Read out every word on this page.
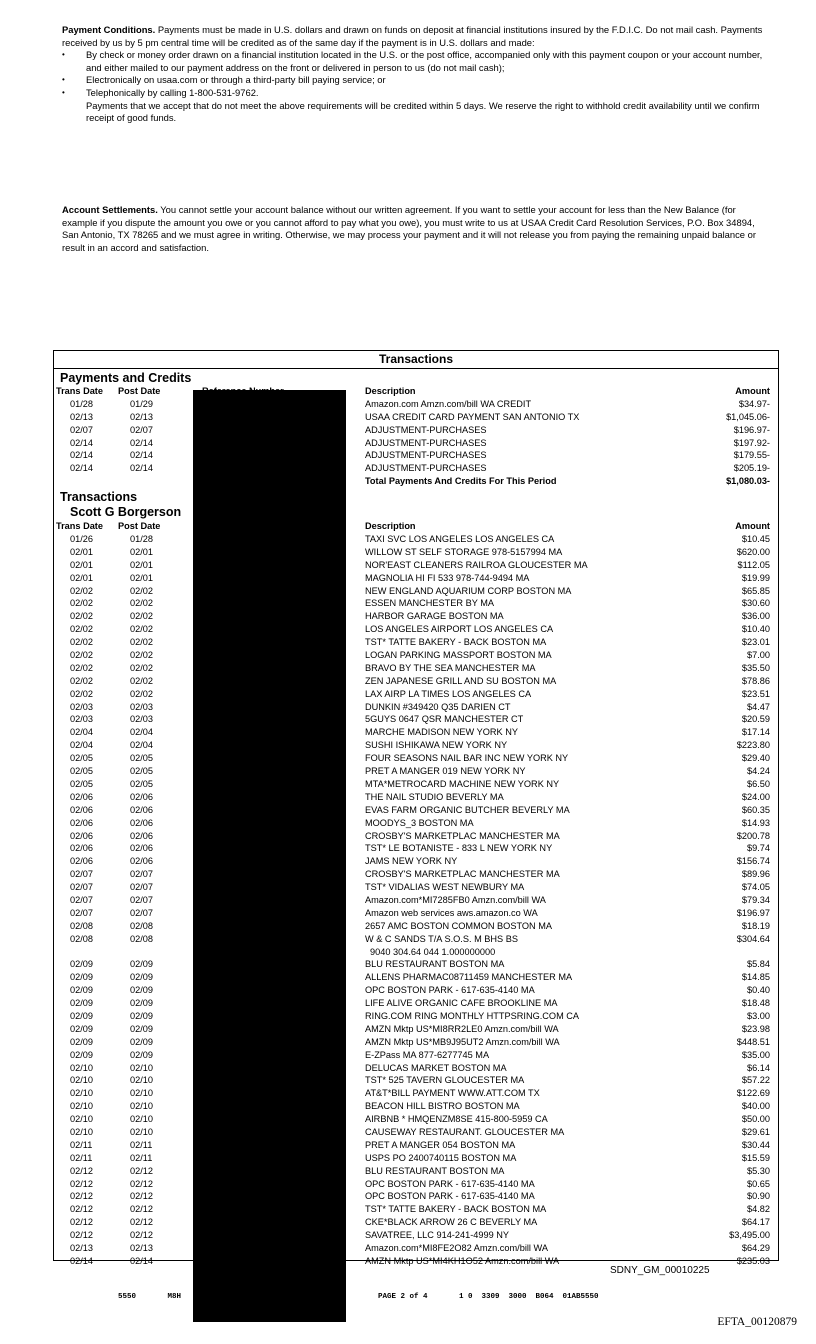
Payment Conditions. Payments must be made in U.S. dollars and drawn on funds on deposit at financial institutions insured by the F.D.I.C. Do not mail cash. Payments received by us by 5 pm central time will be credited as of the same day if the payment is in U.S. dollars and made:
• By check or money order drawn on a financial institution located in the U.S. or the post office, accompanied only with this payment coupon or your account number, and either mailed to our payment address on the front or delivered in person to us (do not mail cash);
• Electronically on usaa.com or through a third-party bill paying service; or
• Telephonically by calling 1-800-531-9762.
Payments that we accept that do not meet the above requirements will be credited within 5 days. We reserve the right to withhold credit availability until we confirm receipt of good funds.
Account Settlements. You cannot settle your account balance without our written agreement. If you want to settle your account for less than the New Balance (for example if you dispute the amount you owe or you cannot afford to pay what you owe), you must write to us at USAA Credit Card Resolution Services, P.O. Box 34894, San Antonio, TX 78265 and we must agree in writing. Otherwise, we may process your payment and it will not release you from paying the remaining unpaid balance or result in an accord and satisfaction.
Transactions
Payments and Credits
Trans Date Post Date	Description	Amount
01/28	01/29	Amazon.com Amzn.com/bill WA CREDIT	$34.97-
02/13	02/13	USAA CREDIT CARD PAYMENT SAN ANTONIO TX	$1,045.06-
02/07	02/07	ADJUSTMENT-PURCHASES	$196.97-
02/14	02/14	ADJUSTMENT-PURCHASES	$197.92-
02/14	02/14	ADJUSTMENT-PURCHASES	$179.55-
02/14	02/14	ADJUSTMENT-PURCHASES	$205.19-
Total Payments And Credits For This Period	$1,080.03-
Transactions
Scott G Borgerson
Trans Date Post Date	Description	Amount
01/26	01/28	TAXI SVC LOS ANGELES LOS ANGELES CA	$10.45
02/01	02/01	WILLOW ST SELF STORAGE 978-5157994 MA	$620.00
02/01	02/01	NOR'EAST CLEANERS RAILROA GLOUCESTER MA	$112.05
02/01	02/01	MAGNOLIA HI FI 533 978-744-9494 MA	$19.99
02/02	02/02	NEW ENGLAND AQUARIUM CORP BOSTON MA	$65.85
02/02	02/02	ESSEN MANCHESTER BY MA	$30.60
02/02	02/02	HARBOR GARAGE BOSTON MA	$36.00
02/02	02/02	LOS ANGELES AIRPORT LOS ANGELES CA	$10.40
02/02	02/02	TST* TATTE BAKERY - BACK BOSTON MA	$23.01
02/02	02/02	LOGAN PARKING MASSPORT BOSTON MA	$7.00
02/02	02/02	BRAVO BY THE SEA MANCHESTER MA	$35.50
02/02	02/02	ZEN JAPANESE GRILL AND SU BOSTON MA	$78.86
02/02	02/02	LAX AIRP LA TIMES LOS ANGELES CA	$23.51
02/03	02/03	DUNKIN #349420 Q35 DARIEN CT	$4.47
02/03	02/03	5GUYS 0647 QSR MANCHESTER CT	$20.59
02/04	02/04	MARCHE MADISON NEW YORK NY	$17.14
02/04	02/04	SUSHI ISHIKAWA NEW YORK NY	$223.80
02/05	02/05	FOUR SEASONS NAIL BAR INC NEW YORK NY	$29.40
02/05	02/05	PRET A MANGER 019 NEW YORK NY	$4.24
02/05	02/05	MTA*METROCARD MACHINE NEW YORK NY	$6.50
02/06	02/06	THE NAIL STUDIO BEVERLY MA	$24.00
02/06	02/06	EVAS FARM ORGANIC BUTCHER BEVERLY MA	$60.35
02/06	02/06	MOODYS_3 BOSTON MA	$14.93
02/06	02/06	CROSBY'S MARKETPLAC MANCHESTER MA	$200.78
02/06	02/06	TST* LE BOTANISTE - 833 L NEW YORK NY	$9.74
02/06	02/06	JAMS NEW YORK NY	$156.74
02/07	02/07	CROSBY'S MARKETPLAC MANCHESTER MA	$89.96
02/07	02/07	TST* VIDALIAS WEST NEWBURY MA	$74.05
02/07	02/07	Amazon.com*MI7285FB0 Amzn.com/bill WA	$79.34
02/07	02/07	Amazon web services aws.amazon.co WA	$196.97
02/08	02/08	2657 AMC BOSTON COMMON BOSTON MA	$18.19
02/08	02/08	W & C SANDS T/A S.O.S. M BHS BS	$304.64
9040 304.64 044 1.000000000
02/09	02/09	BLU RESTAURANT BOSTON MA	$5.84
02/09	02/09	ALLENS PHARMAC08711459 MANCHESTER MA	$14.85
02/09	02/09	OPC BOSTON PARK - 617-635-4140 MA	$0.40
02/09	02/09	LIFE ALIVE ORGANIC CAFE BROOKLINE MA	$18.48
02/09	02/09	RING.COM RING MONTHLY HTTPSRING.COM CA	$3.00
02/09	02/09	AMZN Mktp US*MI8RR2LE0 Amzn.com/bill WA	$23.98
02/09	02/09	AMZN Mktp US*MB9J95UT2 Amzn.com/bill WA	$448.51
02/09	02/09	E-ZPass MA 877-6277745 MA	$35.00
02/10	02/10	DELUCAS MARKET BOSTON MA	$6.14
02/10	02/10	TST* 525 TAVERN GLOUCESTER MA	$57.22
02/10	02/10	AT&T*BILL PAYMENT WWW.ATT.COM TX	$122.69
02/10	02/10	BEACON HILL BISTRO BOSTON MA	$40.00
02/10	02/10	AIRBNB * HMQENZM8SE 415-800-5959 CA	$50.00
02/10	02/10	CAUSEWAY RESTAURANT. GLOUCESTER MA	$29.61
02/11	02/11	PRET A MANGER 054 BOSTON MA	$30.44
02/11	02/11	USPS PO 2400740115 BOSTON MA	$15.59
02/12	02/12	BLU RESTAURANT BOSTON MA	$5.30
02/12	02/12	OPC BOSTON PARK - 617-635-4140 MA	$0.65
02/12	02/12	OPC BOSTON PARK - 617-635-4140 MA	$0.90
02/12	02/12	TST* TATTE BAKERY - BACK BOSTON MA	$4.82
02/12	02/12	CKE*BLACK ARROW 26 C BEVERLY MA	$64.17
02/12	02/12	SAVATREE, LLC 914-241-4999 NY	$3,495.00
02/13	02/13	Amazon.com*MI8FE2O82 Amzn.com/bill WA	$64.29
02/14	02/14	AMZN Mktp US*MI4KH1O52 Amzn.com/bill WA	$235.03
SDNY_GM_00010225
5550       M8H	PAGE 2 of 4       1 0  3309  3000  B064  01AB5550
EFTA_00120879
